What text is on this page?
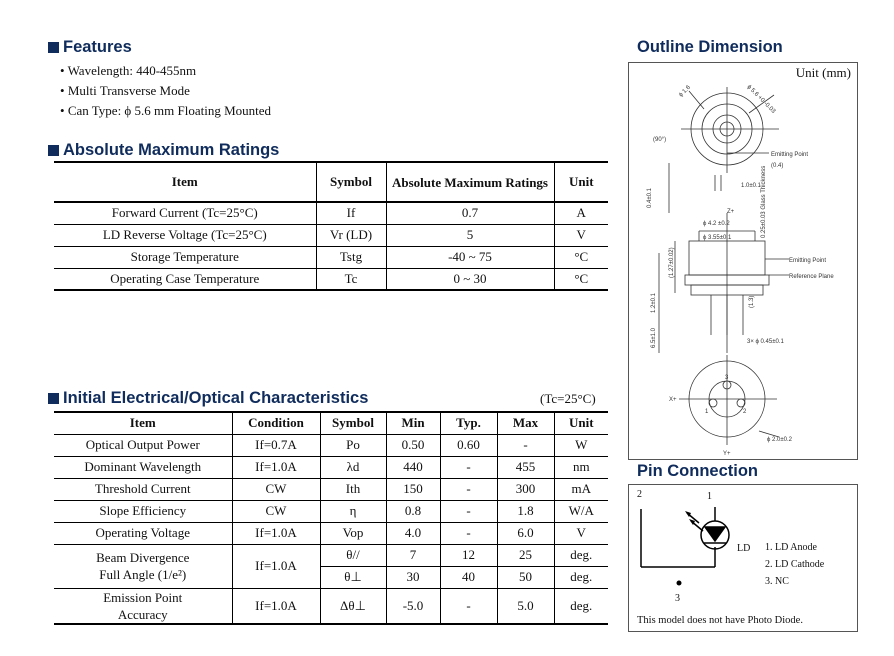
Features
• Wavelength: 440-455nm
• Multi Transverse Mode
• Can Type: ϕ 5.6 mm Floating Mounted
Absolute Maximum Ratings
Item	Symbol	Absolute Maximum Ratings	Unit
Forward Current (Tc=25°C)	If	0.7	A
LD Reverse Voltage (Tc=25°C)	Vr (LD)	5	V
Storage Temperature	Tstg	-40 ~ 75	°C
Operating Case Temperature	Tc	0 ~ 30	°C
Initial Electrical/Optical Characteristics	(Tc=25°C)
Item	Condition	Symbol	Min	Typ.	Max	Unit
Optical Output Power	If=0.7A	Po	0.50	0.60	-	W
Dominant Wavelength	If=1.0A	λd	440	-	455	nm
Threshold Current	CW	Ith	150	-	300	mA
Slope Efficiency	CW	η	0.8	-	1.8	W/A
Operating Voltage	If=1.0A	Vop	4.0	-	6.0	V

Beam Divergence
Full Angle (1/e²)	If=1.0A	θ//	7	12	25	deg.
		θ⊥	30	40	50	deg.

Emission Point
Accuracy	If=1.0A	Δθ⊥	-5.0	-	5.0	deg.
Outline Dimension
Unit (mm)
ϕ 1.6	ϕ 5.6 +0 -0.03
(90°)
Emitting Point
(0.4)
1.0±0.1
0.4±0.1
Z+
ϕ 4.2 ±0.2
ϕ 3.55±0.1	0.25±0.03 Glass Thickness
1.2±0.1
(1.27±0.02)	Emitting Point
Reference Plane
6.5±1.0
(1.3)
3× ϕ 0.45±0.1
X+
Y+
ϕ 2.0±0.2
1	2
3
Pin Connection
2	1
3
LD 1. LD Anode
2. LD Cathode
3. NC
This model does not have Photo Diode.
